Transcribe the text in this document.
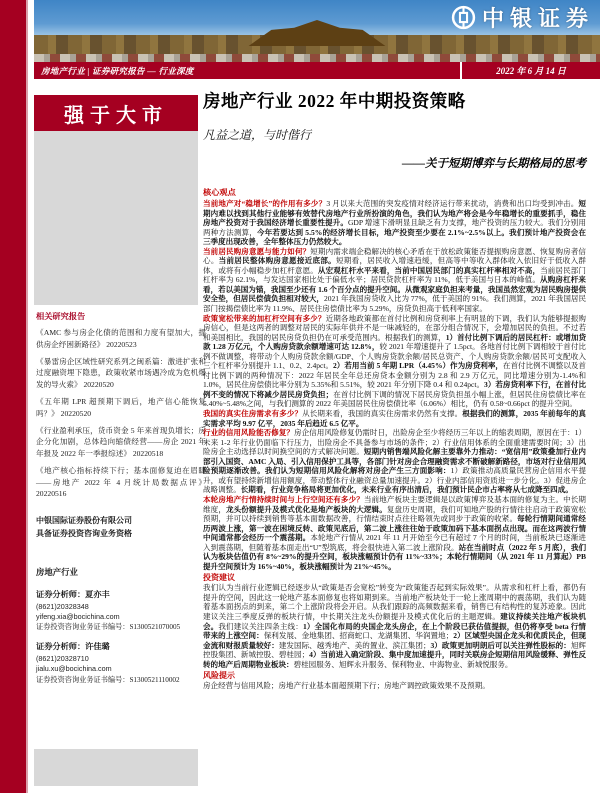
中银证券
房地产行业 | 证券研究报告 — 行业深度	2022 年 6 月 14 日
强于大市
相关研究报告
《AMC 参与房企化债的范围和力度有望加大，提供房企纾困新路径》 20220523
《暴雷房企区域性研究系列之闽系篇：激进扩张和过度融资埋下隐患，政策收紧市场遇冷成为危机爆发的导火索》 20220520
《五年期 LPR 超预期下调后，地产信心能恢复吗？》 20220520
《行业盈利承压，货币资金 5 年来首现负增长；房企分化加剧，总体趋向缩债经营——房企 2021 年年报及 2022 年一季报综述》 20220518
《地产核心指标持续下行；基本面修复迫在眉睫——房地产 2022 年 4 月统计局数据点评》 20220516
中银国际证券股份有限公司
具备证券投资咨询业务资格
房地产行业
证券分析师：夏亦丰
(8621)20328348
yifeng.xia@bocichina.com
证券投资咨询业务证书编号：S1300521070005
证券分析师：许佳璐
(8621)20328710
jialu.xu@bocichina.com
证券投资咨询业务证书编号：S1300521110002
房地产行业 2022 年中期投资策略
凡益之道，与时偕行
——关于短期博弈与长期格局的思考
核心观点
当前地产对“稳增长”的作用有多少？3 月以来大范围的突发疫情对经济运行带来扰动，消费和出口均受到冲击。短期内难以找到其他行业能够有效替代房地产行业所扮演的角色，我们认为地产将会是今年稳增长的重要抓手，稳住房地产投资对于我国经济增长重要性提升。GDP 增速下滑明显且缺乏有力支撑，地产投资的压力较大。我们分别用两种方法测算，今年若要达到 5.5%的经济增长目标，地产投资至少要在 2.1%~2.5%以上。我们预计地产投资会在三季度出现改善，全年整体压力仍然较大。
当前居民购房意愿与能力如何？短期内需求端企稳解决的核心矛盾在于放松政策能否提振购房意愿、恢复购房者信心。当前居民整体购房意愿接近底部。短期看，居民收入增速趋缓，但高等中等收入群体收入依旧好于低收入群体，或将有小幅稳步加杠杆意愿。从宏观杠杆水平来看，当前中国居民部门的真实杠杆率相对不高，当前居民部门杠杆率为 62.1%，与发达国家相比处于偏低水平；居民贷款杠杆率为 11%，低于美国与日本的峰值。从购房杠杆来看，若以美国为锚，我国至少还有 1.6 个百分点的提升空间。从微观家庭负担来考量，我国虽然宏观为居民购房提供安全垫，但居民偿债负担相对较大，2021 年我国房贷收入比为 77%，低于美国的 91%。我们测算，2021 年我国居民部门按揭偿债比率为 11.9%、居民住房偿债比率为 5.29%，房贷负担高于低利率国家。
政策宽松带来的加杠杆空间有多少？近期各地政策都在首付比例和房贷利率上有明显的下调，我们认为能够提振购房信心，但是这两者的调整对居民的实际年供并不是一味减轻的，在部分组合情况下，会增加居民的负担。不过若和美国相比，我国的居民房贷负担仍在可承受范围内。根据我们的测算，1）首付比例下调后的居民杠杆：或增加贷款 1.28 万亿元，个人购房贷款余额增速可达 12.8%，较 2021 年增速提升了 1.5pct。各地首付比例下调相较于首付比例不做调整，将带动个人购房贷款余额/GDP、个人购房贷款余额/居民总资产、个人购房贷款余额/居民可支配收入三个杠杆率分别提升 1.1、0.2、2.4pct。2）若用当前 5 年期 LPR（4.45%）作为房贷利率，在首付比例不调整以及首付比例下调的两种情况下：2022 年居民全年总还房贷本金额分别为 2.8 和 2.9 万亿元，同比增速分别为-1.4%和 1.0%，居民住房偿债比率分别为 5.35%和 5.51%，较 2021 年分别下降 0.4 和 0.24pct。3）若房贷利率下行，在首付比例不变的情况下将减少居民房贷负担；在首付比例下调的情况下居民房贷负担虽小幅上涨，但居民住房偿债比率在 5.40%~5.48%之间，与我们测算的 2022 年美国居民住房偿债比率（6.06%）相比，仍有 0.58~0.66pct 的提升空间。
我国的真实住房需求有多少？从长期来看，我国的真实住房需求仍然有支撑。根据我们的测算，2035 年前每年的真实需求平均 9.97 亿平，2035 年后趋近 6.5 亿平。
行业的信用风险能否修复？房企信用风险修复仍需时日，出险房企至少将经历三年以上的缩表周期，原因在于：1）未来 1-2 年行业仍面临下行压力，出险房企不具备参与市场的条件；2）行业信用体系的全面重建需要时间；3）出险房企主动选择以时间换空间的方式解决问题。短期内销售端风险化解主要靠外力推动：“宽信用”政策叠加行业内部引入国资、AMC 入局、引入信用保护工具等，各部门针对房企合理融资需求不断破解新路径，市场对行业信用风险预期逐渐改善。我们认为短期信用风险化解将对房企产生三方面影响：1）政策推动高质量民营房企信用水平提升，或有望持续新增信用额度，带动整体行业融资总量加速提升。2）行业内部信用资质进一步分化。3）促进房企战略调整。长期看，行业竞争格局将更加优化，未来行业有序出清后，我们预计民企市占率将从七成降至四成。
本轮房地产行情持续时间与上行空间还有多少？当前地产板块主要逻辑是以政策博弈及基本面的修复为主。中长期维度，龙头份额提升及模式优化是地产板块的大逻辑。复盘历史周期，我们可知地产股的行情往往启动于政策宽松预期，并可以持续到销售等基本面数据改善，行情结束时点往往略领先或同步于政策的收紧。每轮行情期间通常经历两波上涨，第一波在困境反转、政策见底后，第二波上涨往往始于政策加码下基本面拐点出现。而在这两波行情中间通常都会经历一个震荡期。本轮地产行情从 2021 年 11 月开始至今已有超过 7 个月的时间，当前板块已逐渐进入到震荡期，但随着基本面走出“U”型筑底，将会很快进入第二波上涨阶段。站在当前时点（2022 年 5 月底），我们认为板块估值仍有 8%~29%的提升空间，板块涨幅预计仍有 11%~33%；本轮行情期间（从 2021 年 11 月算起）PB 提升空间预计为 16%~40%，板块涨幅预计为 21%~45%。
投资建议
我们认为当前行业逻辑已经逐步从“政策是否会宽松”转变为“政策能否起到实际效果”。从需求和杠杆上看，都仍有提升的空间，因此这一轮地产基本面修复也将如期到来。当前地产板块处于一轮上涨周期中的震荡期，我们认为随着基本面拐点的到来，第二个上涨阶段将会开启。从我们跟踪的高频数据来看，销售已有结构性的复苏迹象。因此建议关注三季度反弹的板块行情，中长期关注龙头份额提升及模式优化后的主题逻辑。建议持续关注地产板块机会。我们建议关注四条主线：1）全国化布局的央国企龙头房企，在上个阶段已获估值提振，但仍将享受 beta 行情带来的上涨空间：保利发展、金地集团、招商蛇口、龙湖集团、华润置地；2）区域型央国企龙头和优质民企，但现金流和财报质量较好：建发国际、越秀地产、美的置业、滨江集团；3）政策更加明朗后可以关注弹性股标的：旭辉控股集团、新城控股、碧桂园；4）当前进入确定阶段、集中度加速提升，同时关联房企短期信用风险缓释、弹性反转的地产后周期物业板块：碧桂园服务、旭辉永升服务、保利物业、中海物业、新城悦服务。
风险提示
房企经营与信用风险；房地产行业基本面超预期下行；房地产调控政策效果不及预期。
